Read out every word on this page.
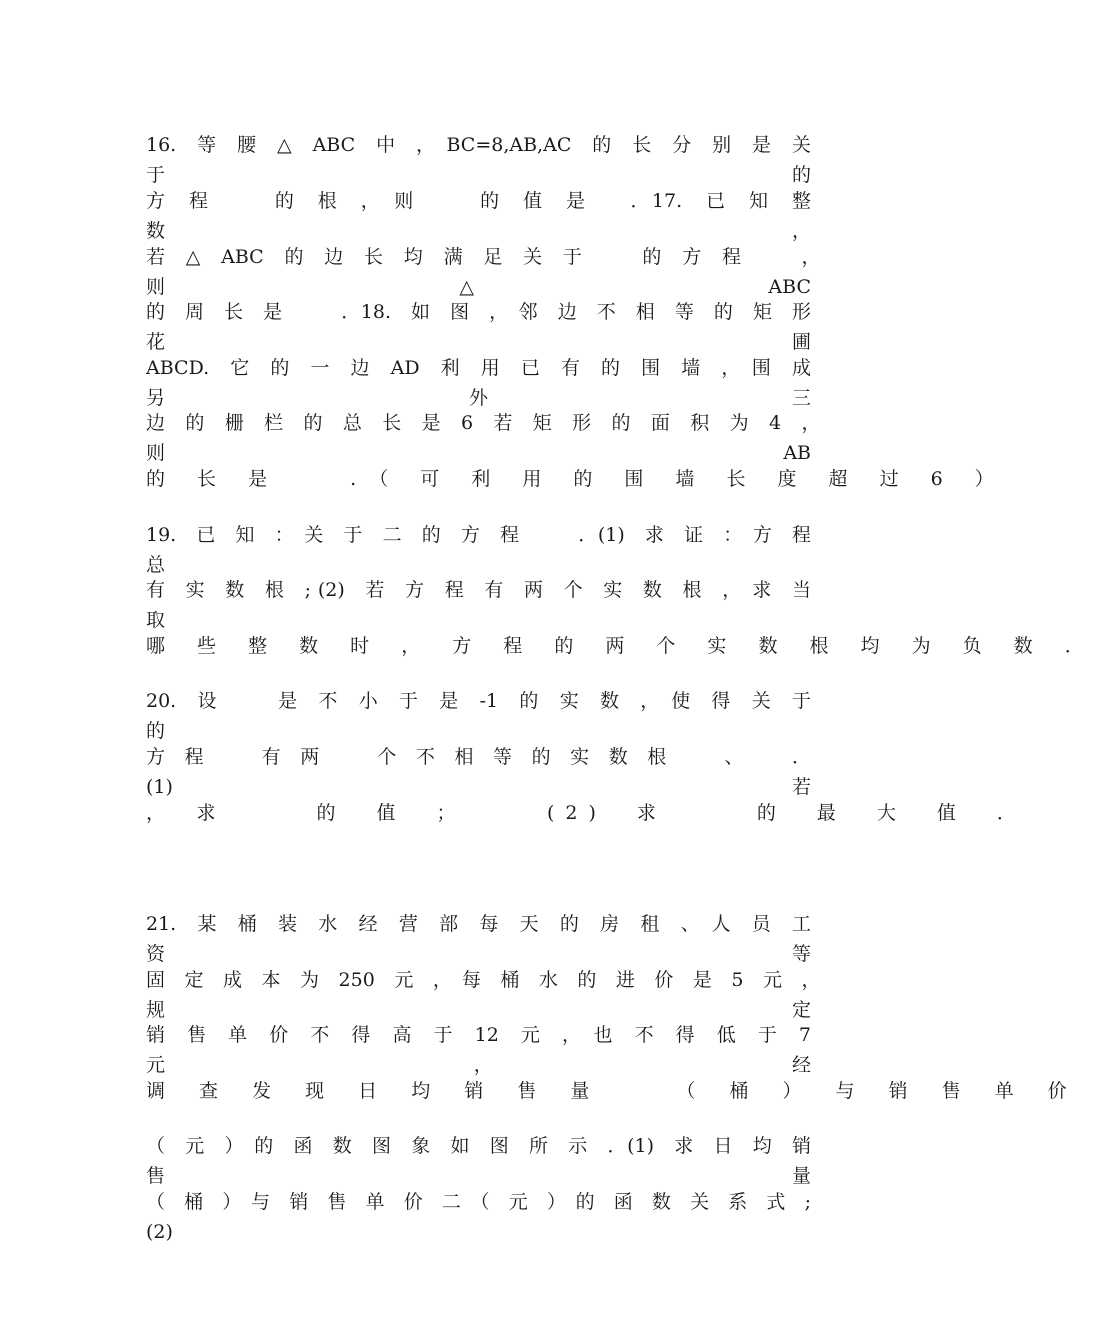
16.　等　腰　△　ABC　中　，　BC=8,AB,AC　的　长　分　别　是　关　于　　　的
方　程　　　的　根　，　则　　　的　值　是　　．17.　已　知　整　数　　　，
若　△　ABC　的　边　长　均　满　足　关　于　　　的　方　程　　　，　则　△　ABC
的　周　长　是　　　．18.　如　图　，　邻　边　不　相　等　的　矩　形　花　圃
ABCD.　它　的　一　边　AD　利　用　已　有　的　围　墙　，　围　成　另　外　三
边　的　栅　栏　的　总　长　是　6　若　矩　形　的　面　积　为　4　，　则　AB
的 长 是 　 .（ 可 利 用 的 围 墙 长 度 超 过 6 ）
19.　已　知　：　关　于　二　的　方　程　　　．(1)　求　证　：　方　程　总
有　实　数　根　; (2)　若　方　程　有　两　个　实　数　根　，　求　当　　　取
哪 些 整 数 时 ， 方 程 的 两 个 实 数 根 均 为 负 数 ．
20.　设　　　是　不　小　于　是　-1　的　实　数　，　使　得　关　于　　　的
方　程　　　有　两　　　个　不　相　等　的　实　数　根　　　、　　　．(1)　若
，　求　　　的　值　；　　　(2)　求　　　的　最　大　值　．
21.　某　桶　装　水　经　营　部　每　天　的　房　租　、　人　员　工　资　等
固　定　成　本　为　250　元　，　每　桶　水　的　进　价　是　5　元　，　规　定
销　售　单　价　不　得　高　于　12　元　，　也　不　得　低　于　7　元　，　经
调 查 发 现 日 均 销 售 量 　 （ 桶 ） 与 销 售 单 价
（　元　）　的　函　数　图　象　如　图　所　示　．(1)　求　日　均　销　售　量
（　桶　）　与　销　售　单　价　二　（　元　）　的　函　数　关　系　式　; (2)
